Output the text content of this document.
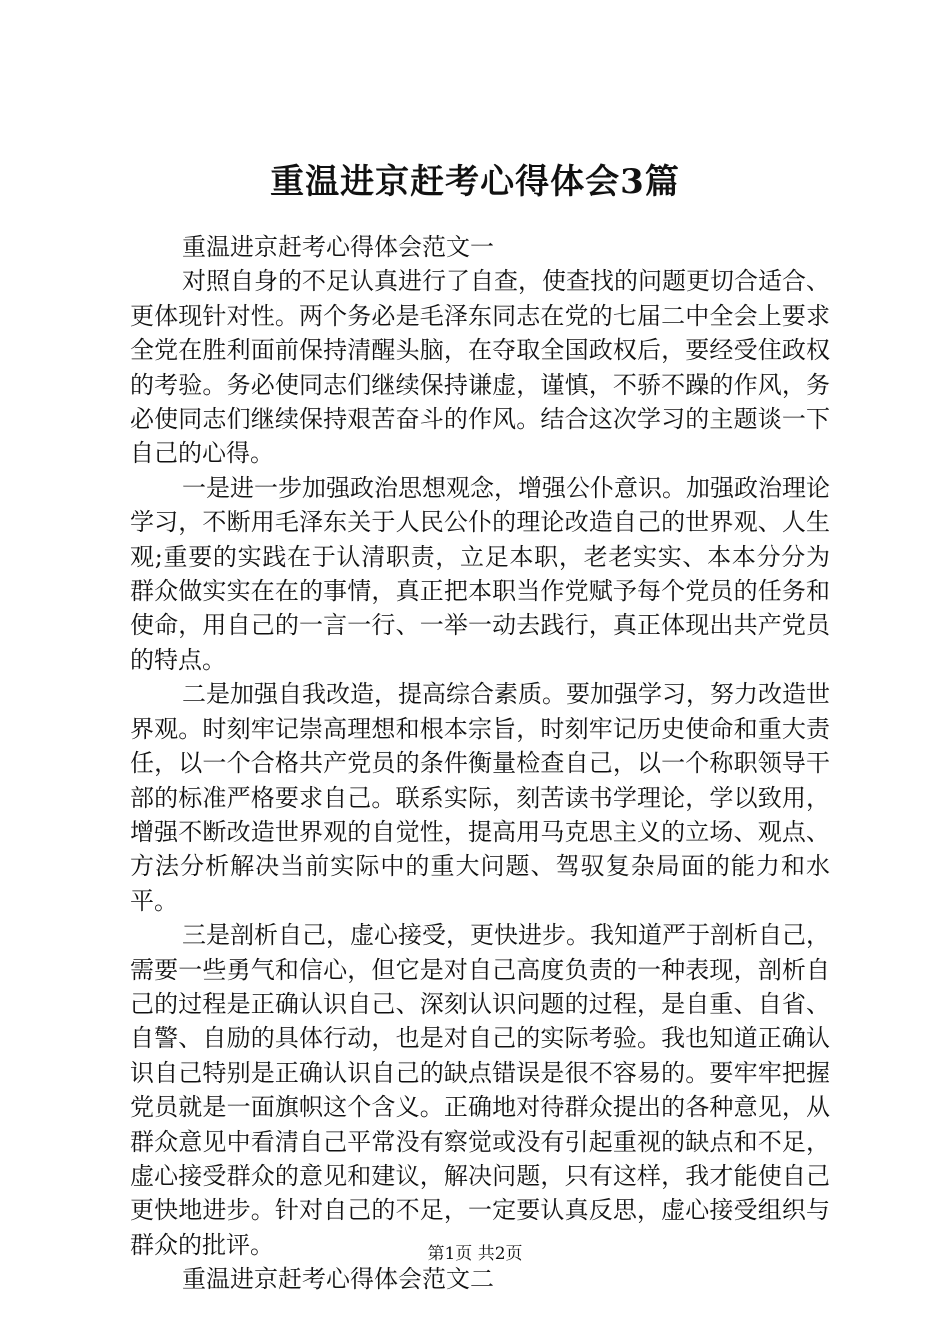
重温进京赶考心得体会3篇

重温进京赶考心得体会范文一

对照自身的不足认真进行了自查，使查找的问题更切合适合、更体现针对性。两个务必是毛泽东同志在党的七届二中全会上要求全党在胜利面前保持清醒头脑，在夺取全国政权后，要经受住政权的考验。务必使同志们继续保持谦虚，谨慎，不骄不躁的作风，务必使同志们继续保持艰苦奋斗的作风。结合这次学习的主题谈一下自己的心得。

一是进一步加强政治思想观念，增强公仆意识。加强政治理论学习，不断用毛泽东关于人民公仆的理论改造自己的世界观、人生观;重要的实践在于认清职责，立足本职，老老实实、本本分分为群众做实实在在的事情，真正把本职当作党赋予每个党员的任务和使命，用自己的一言一行、一举一动去践行，真正体现出共产党员的特点。

二是加强自我改造，提高综合素质。要加强学习，努力改造世界观。时刻牢记崇高理想和根本宗旨，时刻牢记历史使命和重大责任，以一个合格共产党员的条件衡量检查自己，以一个称职领导干部的标准严格要求自己。联系实际，刻苦读书学理论，学以致用，增强不断改造世界观的自觉性，提高用马克思主义的立场、观点、方法分析解决当前实际中的重大问题、驾驭复杂局面的能力和水平。

三是剖析自己，虚心接受，更快进步。我知道严于剖析自己，需要一些勇气和信心，但它是对自己高度负责的一种表现，剖析自己的过程是正确认识自己、深刻认识问题的过程，是自重、自省、自警、自励的具体行动，也是对自己的实际考验。我也知道正确认识自己特别是正确认识自己的缺点错误是很不容易的。要牢牢把握党员就是一面旗帜这个含义。正确地对待群众提出的各种意见，从群众意见中看清自己平常没有察觉或没有引起重视的缺点和不足，虚心接受群众的意见和建议，解决问题，只有这样，我才能使自己更快地进步。针对自己的不足，一定要认真反思，虚心接受组织与群众的批评。

重温进京赶考心得体会范文二

第1页 共2页
